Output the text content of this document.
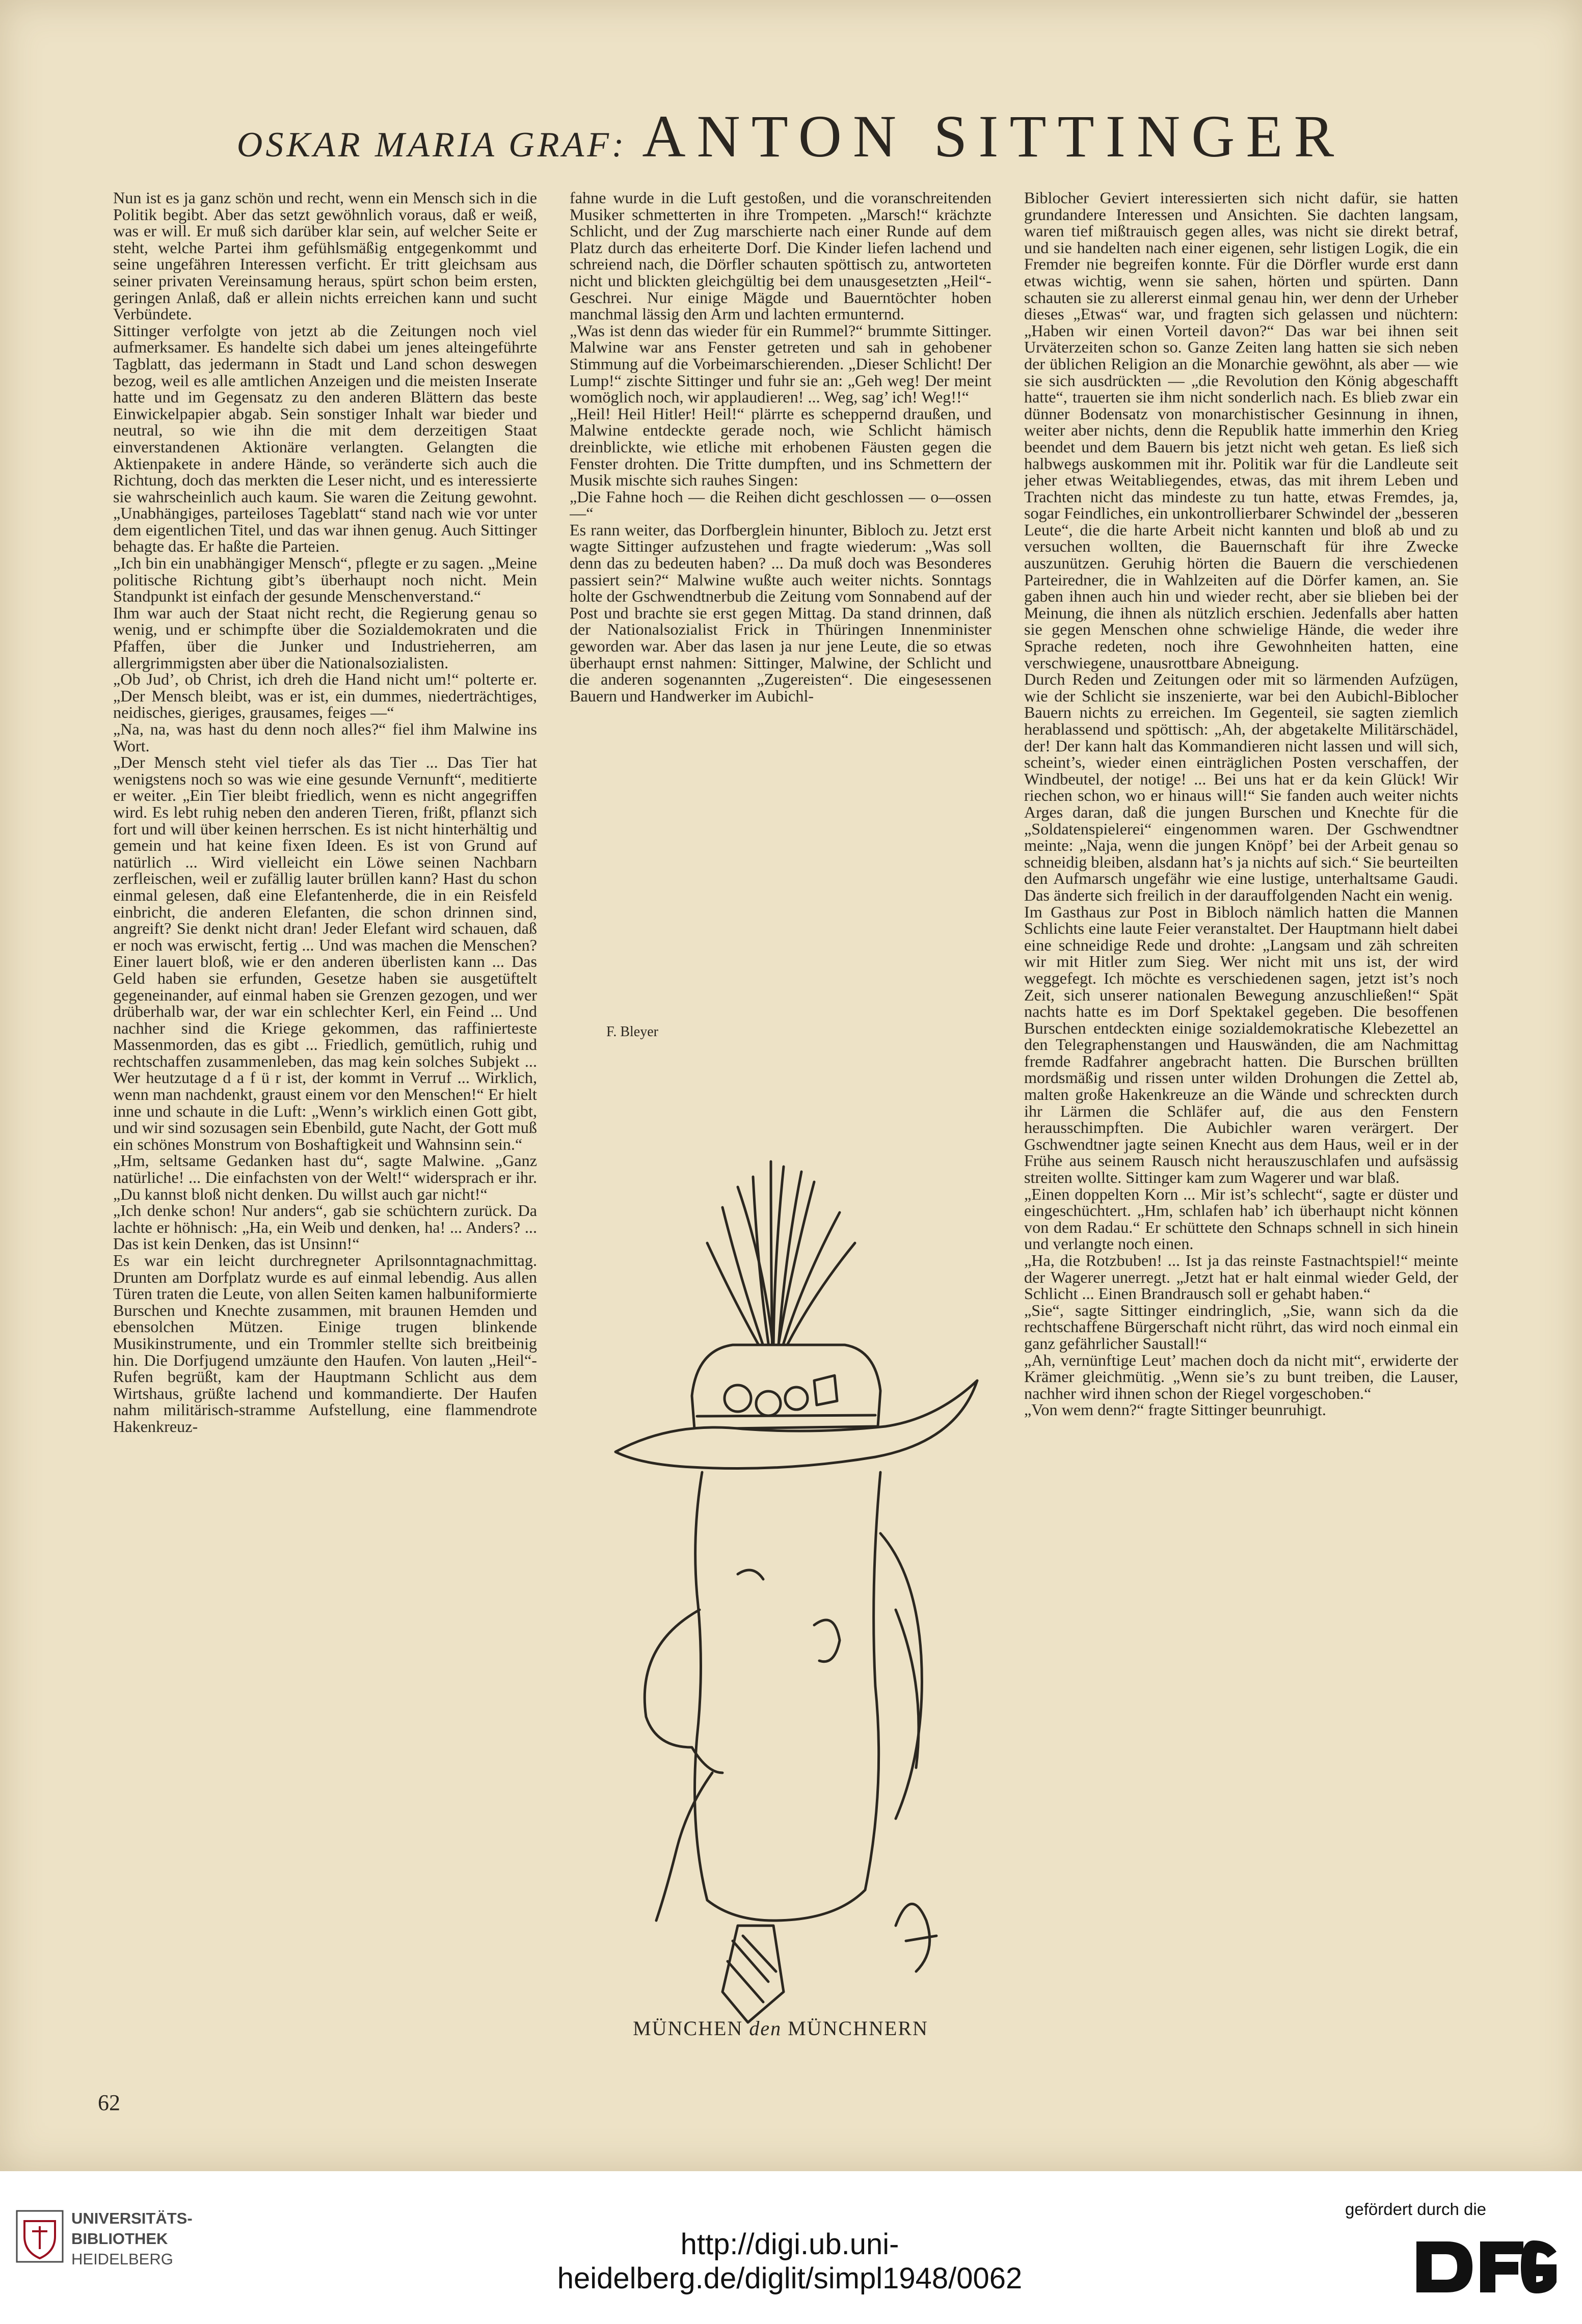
OSKAR MARIA GRAF: ANTON SITTINGER

Nun ist es ja ganz schön und recht, wenn ein Mensch sich in die Politik begibt. Aber das setzt gewöhnlich voraus, daß er weiß, was er will. Er muß sich darüber klar sein, auf welcher Seite er steht, welche Partei ihm gefühlsmäßig entgegenkommt und seine ungefähren Interessen verficht. Er tritt gleichsam aus seiner privaten Vereinsamung heraus, spürt schon beim ersten, geringen Anlaß, daß er allein nichts erreichen kann und sucht Verbündete.

Sittinger verfolgte von jetzt ab die Zeitungen noch viel aufmerksamer. Es handelte sich dabei um jenes alteingeführte Tagblatt, das jedermann in Stadt und Land schon deswegen bezog, weil es alle amtlichen Anzeigen und die meisten Inserate hatte und im Gegensatz zu den anderen Blättern das beste Einwickelpapier abgab. Sein sonstiger Inhalt war bieder und neutral, so wie ihn die mit dem derzeitigen Staat einverstandenen Aktionäre verlangten. Gelangten die Aktienpakete in andere Hände, so veränderte sich auch die Richtung, doch das merkten die Leser nicht, und es interessierte sie wahrscheinlich auch kaum. Sie waren die Zeitung gewohnt. „Unabhängiges, parteiloses Tageblatt“ stand nach wie vor unter dem eigentlichen Titel, und das war ihnen genug. Auch Sittinger behagte das. Er haßte die Parteien.

„Ich bin ein unabhängiger Mensch“, pflegte er zu sagen. „Meine politische Richtung gibt’s überhaupt noch nicht. Mein Standpunkt ist einfach der gesunde Menschenverstand.“

Ihm war auch der Staat nicht recht, die Regierung genau so wenig, und er schimpfte über die Sozialdemokraten und die Pfaffen, über die Junker und Industrieherren, am allergrimmigsten aber über die Nationalsozialisten.

„Ob Jud’, ob Christ, ich dreh die Hand nicht um!“ polterte er. „Der Mensch bleibt, was er ist, ein dummes, niederträchtiges, neidisches, gieriges, grausames, feiges —“

„Na, na, was hast du denn noch alles?“ fiel ihm Malwine ins Wort.

„Der Mensch steht viel tiefer als das Tier ... Das Tier hat wenigstens noch so was wie eine gesunde Vernunft“, meditierte er weiter. „Ein Tier bleibt friedlich, wenn es nicht angegriffen wird. Es lebt ruhig neben den anderen Tieren, frißt, pflanzt sich fort und will über keinen herrschen. Es ist nicht hinterhältig und gemein und hat keine fixen Ideen. Es ist von Grund auf natürlich ... Wird vielleicht ein Löwe seinen Nachbarn zerfleischen, weil er zufällig lauter brüllen kann? Hast du schon einmal gelesen, daß eine Elefantenherde, die in ein Reisfeld einbricht, die anderen Elefanten, die schon drinnen sind, angreift? Sie denkt nicht dran! Jeder Elefant wird schauen, daß er noch was erwischt, fertig ... Und was machen die Menschen? Einer lauert bloß, wie er den anderen überlisten kann ... Das Geld haben sie erfunden, Gesetze haben sie ausgetüftelt gegeneinander, auf einmal haben sie Grenzen gezogen, und wer drüberhalb war, der war ein schlechter Kerl, ein Feind ... Und nachher sind die Kriege gekommen, das raffinierteste Massenmorden, das es gibt ... Friedlich, gemütlich, ruhig und rechtschaffen zusammenleben, das mag kein solches Subjekt ... Wer heutzutage d a f ü r ist, der kommt in Verruf ... Wirklich, wenn man nachdenkt, graust einem vor den Menschen!“ Er hielt inne und schaute in die Luft: „Wenn’s wirklich einen Gott gibt, und wir sind sozusagen sein Ebenbild, gute Nacht, der Gott muß ein schönes Monstrum von Boshaftigkeit und Wahnsinn sein.“

„Hm, seltsame Gedanken hast du“, sagte Malwine. „Ganz natürliche! ... Die einfachsten von der Welt!“ widersprach er ihr. „Du kannst bloß nicht denken. Du willst auch gar nicht!“

„Ich denke schon! Nur anders“, gab sie schüchtern zurück. Da lachte er höhnisch: „Ha, ein Weib und denken, ha! ... Anders? ... Das ist kein Denken, das ist Unsinn!“

Es war ein leicht durchregneter Aprilsonntagnachmittag. Drunten am Dorfplatz wurde es auf einmal lebendig. Aus allen Türen traten die Leute, von allen Seiten kamen halbuniformierte Burschen und Knechte zusammen, mit braunen Hemden und ebensolchen Mützen. Einige trugen blinkende Musikinstrumente, und ein Trommler stellte sich breitbeinig hin. Die Dorfjugend umzäunte den Haufen. Von lauten „Heil“-Rufen begrüßt, kam der Hauptmann Schlicht aus dem Wirtshaus, grüßte lachend und kommandierte. Der Haufen nahm militärisch-stramme Aufstellung, eine flammendrote Hakenkreuz-

fahne wurde in die Luft gestoßen, und die voranschreitenden Musiker schmetterten in ihre Trompeten. „Marsch!“ krächzte Schlicht, und der Zug marschierte nach einer Runde auf dem Platz durch das erheiterte Dorf. Die Kinder liefen lachend und schreiend nach, die Dörfler schauten spöttisch zu, antworteten nicht und blickten gleichgültig bei dem unausgesetzten „Heil“-Geschrei. Nur einige Mägde und Bauerntöchter hoben manchmal lässig den Arm und lachten ermunternd.

„Was ist denn das wieder für ein Rummel?“ brummte Sittinger. Malwine war ans Fenster getreten und sah in gehobener Stimmung auf die Vorbeimarschierenden. „Dieser Schlicht! Der Lump!“ zischte Sittinger und fuhr sie an: „Geh weg! Der meint womöglich noch, wir applaudieren! ... Weg, sag’ ich! Weg!!“

„Heil! Heil Hitler! Heil!“ plärrte es scheppernd draußen, und Malwine entdeckte gerade noch, wie Schlicht hämisch dreinblickte, wie etliche mit erhobenen Fäusten gegen die Fenster drohten. Die Tritte dumpften, und ins Schmettern der Musik mischte sich rauhes Singen:

„Die Fahne hoch — die Reihen dicht geschlossen — o—ossen —“

Es rann weiter, das Dorfberglein hinunter, Bibloch zu. Jetzt erst wagte Sittinger aufzustehen und fragte wiederum: „Was soll denn das zu bedeuten haben? ... Da muß doch was Besonderes passiert sein?“ Malwine wußte auch weiter nichts. Sonntags holte der Gschwendtnerbub die Zeitung vom Sonnabend auf der Post und brachte sie erst gegen Mittag. Da stand drinnen, daß der Nationalsozialist Frick in Thüringen Innenminister geworden war. Aber das lasen ja nur jene Leute, die so etwas überhaupt ernst nahmen: Sittinger, Malwine, der Schlicht und die anderen sogenannten „Zugereisten“. Die eingesessenen Bauern und Handwerker im Aubichl-

Biblocher Geviert interessierten sich nicht dafür, sie hatten grundandere Interessen und Ansichten. Sie dachten langsam, waren tief mißtrauisch gegen alles, was nicht sie direkt betraf, und sie handelten nach einer eigenen, sehr listigen Logik, die ein Fremder nie begreifen konnte. Für die Dörfler wurde erst dann etwas wichtig, wenn sie sahen, hörten und spürten. Dann schauten sie zu allererst einmal genau hin, wer denn der Urheber dieses „Etwas“ war, und fragten sich gelassen und nüchtern: „Haben wir einen Vorteil davon?“ Das war bei ihnen seit Urväterzeiten schon so. Ganze Zeiten lang hatten sie sich neben der üblichen Religion an die Monarchie gewöhnt, als aber — wie sie sich ausdrückten — „die Revolution den König abgeschafft hatte“, trauerten sie ihm nicht sonderlich nach. Es blieb zwar ein dünner Bodensatz von monarchistischer Gesinnung in ihnen, weiter aber nichts, denn die Republik hatte immerhin den Krieg beendet und dem Bauern bis jetzt nicht weh getan. Es ließ sich halbwegs auskommen mit ihr. Politik war für die Landleute seit jeher etwas Weitabliegendes, etwas, das mit ihrem Leben und Trachten nicht das mindeste zu tun hatte, etwas Fremdes, ja, sogar Feindliches, ein unkontrollierbarer Schwindel der „besseren Leute“, die die harte Arbeit nicht kannten und bloß ab und zu versuchen wollten, die Bauernschaft für ihre Zwecke auszunützen. Geruhig hörten die Bauern die verschiedenen Parteiredner, die in Wahlzeiten auf die Dörfer kamen, an. Sie gaben ihnen auch hin und wieder recht, aber sie blieben bei der Meinung, die ihnen als nützlich erschien. Jedenfalls aber hatten sie gegen Menschen ohne schwielige Hände, die weder ihre Sprache redeten, noch ihre Gewohnheiten hatten, eine verschwiegene, unausrottbare Abneigung.

Durch Reden und Zeitungen oder mit so lärmenden Aufzügen, wie der Schlicht sie inszenierte, war bei den Aubichl-Biblocher Bauern nichts zu erreichen. Im Gegenteil, sie sagten ziemlich herablassend und spöttisch: „Ah, der abgetakelte Militärschädel, der! Der kann halt das Kommandieren nicht lassen und will sich, scheint’s, wieder einen einträglichen Posten verschaffen, der Windbeutel, der notige! ... Bei uns hat er da kein Glück! Wir riechen schon, wo er hinaus will!“ Sie fanden auch weiter nichts Arges daran, daß die jungen Burschen und Knechte für die „Soldatenspielerei“ eingenommen waren. Der Gschwendtner meinte: „Naja, wenn die jungen Knöpf’ bei der Arbeit genau so schneidig bleiben, alsdann hat’s ja nichts auf sich.“ Sie beurteilten den Aufmarsch ungefähr wie eine lustige, unterhaltsame Gaudi. Das änderte sich freilich in der darauffolgenden Nacht ein wenig.

Im Gasthaus zur Post in Bibloch nämlich hatten die Mannen Schlichts eine laute Feier veranstaltet. Der Hauptmann hielt dabei eine schneidige Rede und drohte: „Langsam und zäh schreiten wir mit Hitler zum Sieg. Wer nicht mit uns ist, der wird weggefegt. Ich möchte es verschiedenen sagen, jetzt ist’s noch Zeit, sich unserer nationalen Bewegung anzuschließen!“ Spät nachts hatte es im Dorf Spektakel gegeben. Die besoffenen Burschen entdeckten einige sozialdemokratische Klebezettel an den Telegraphenstangen und Hauswänden, die am Nachmittag fremde Radfahrer angebracht hatten. Die Burschen brüllten mordsmäßig und rissen unter wilden Drohungen die Zettel ab, malten große Hakenkreuze an die Wände und schreckten durch ihr Lärmen die Schläfer auf, die aus den Fenstern herausschimpften. Die Aubichler waren verärgert. Der Gschwendtner jagte seinen Knecht aus dem Haus, weil er in der Frühe aus seinem Rausch nicht herauszuschlafen und aufsässig streiten wollte. Sittinger kam zum Wagerer und war blaß.

„Einen doppelten Korn ... Mir ist’s schlecht“, sagte er düster und eingeschüchtert. „Hm, schlafen hab’ ich überhaupt nicht können von dem Radau.“ Er schüttete den Schnaps schnell in sich hinein und verlangte noch einen.

„Ha, die Rotzbuben! ... Ist ja das reinste Fastnachtspiel!“ meinte der Wagerer unerregt. „Jetzt hat er halt einmal wieder Geld, der Schlicht ... Einen Brandrausch soll er gehabt haben.“

„Sie“, sagte Sittinger eindringlich, „Sie, wann sich da die rechtschaffene Bürgerschaft nicht rührt, das wird noch einmal ein ganz gefährlicher Saustall!“

„Ah, vernünftige Leut’ machen doch da nicht mit“, erwiderte der Krämer gleichmütig. „Wenn sie’s zu bunt treiben, die Lauser, nachher wird ihnen schon der Riegel vorgeschoben.“

„Von wem denn?“ fragte Sittinger beunruhigt.

F. Bleyer
MÜNCHEN den MÜNCHNERN
62
UNIVERSITÄTS-
BIBLIOTHEK
HEIDELBERG	http://digi.ub.uni-heidelberg.de/diglit/simpl1948/0062
gefördert durch die
